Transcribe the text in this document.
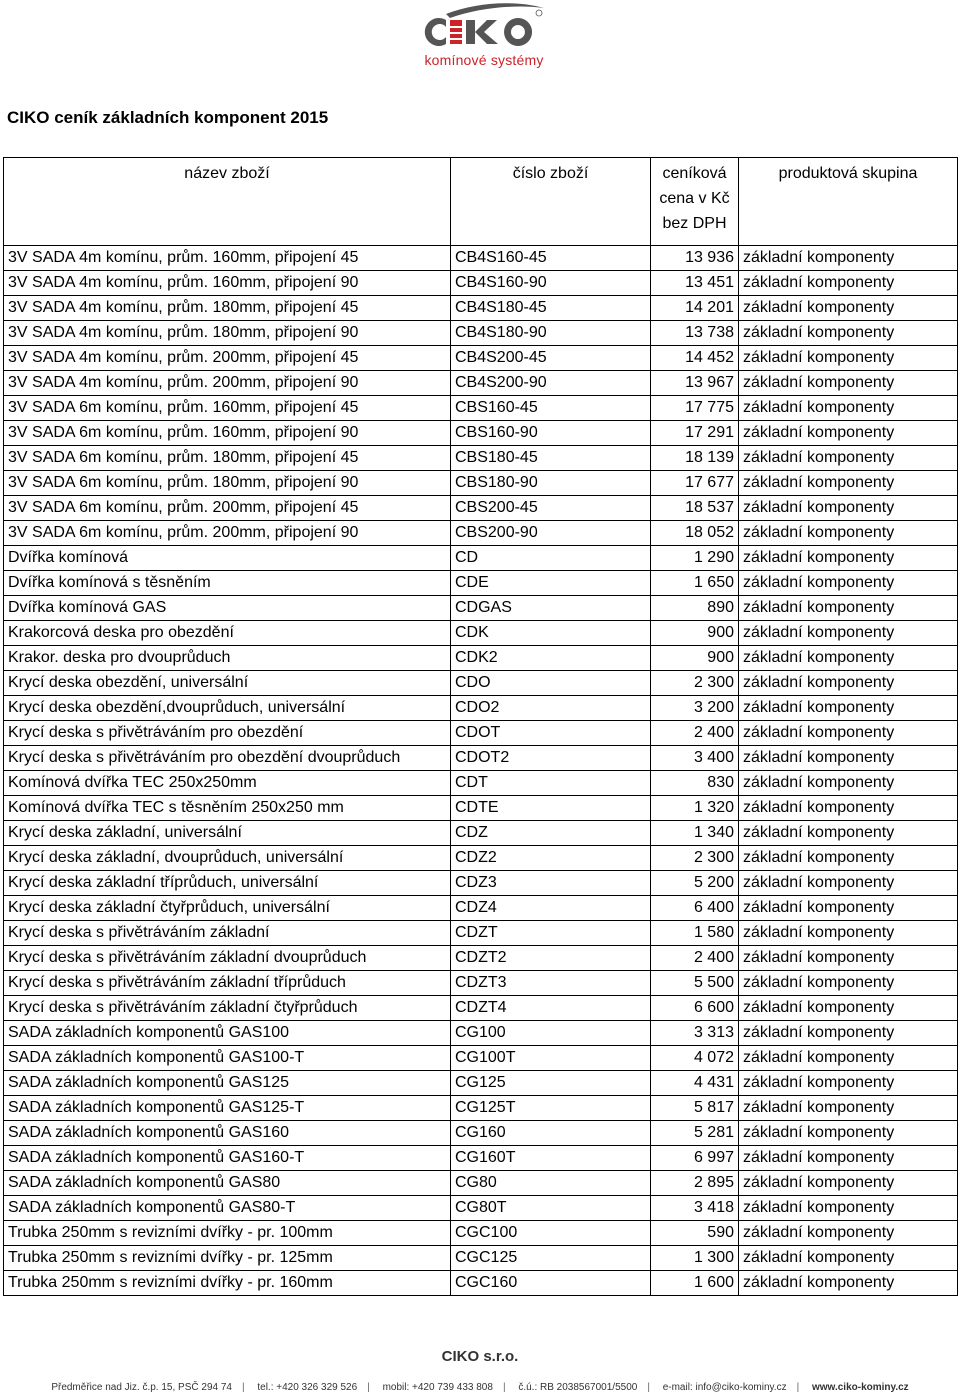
komínové systémy
CIKO ceník základních komponent 2015
název zboží	číslo zboží	ceníková cena v Kč bez DPH	produktová skupina
3V SADA 4m komínu, prům. 160mm, připojení 45	CB4S160-45	13 936	základní komponenty
3V SADA 4m komínu, prům. 160mm, připojení 90	CB4S160-90	13 451	základní komponenty
3V SADA 4m komínu, prům. 180mm, připojení 45	CB4S180-45	14 201	základní komponenty
3V SADA 4m komínu, prům. 180mm, připojení 90	CB4S180-90	13 738	základní komponenty
3V SADA 4m komínu, prům. 200mm, připojení 45	CB4S200-45	14 452	základní komponenty
3V SADA 4m komínu, prům. 200mm, připojení 90	CB4S200-90	13 967	základní komponenty
3V SADA 6m komínu, prům. 160mm, připojení 45	CBS160-45	17 775	základní komponenty
3V SADA 6m komínu, prům. 160mm, připojení 90	CBS160-90	17 291	základní komponenty
3V SADA 6m komínu, prům. 180mm, připojení 45	CBS180-45	18 139	základní komponenty
3V SADA 6m komínu, prům. 180mm, připojení 90	CBS180-90	17 677	základní komponenty
3V SADA 6m komínu, prům. 200mm, připojení 45	CBS200-45	18 537	základní komponenty
3V SADA 6m komínu, prům. 200mm, připojení 90	CBS200-90	18 052	základní komponenty
Dvířka komínová	CD	1 290	základní komponenty
Dvířka komínová s těsněním	CDE	1 650	základní komponenty
Dvířka komínová GAS	CDGAS	890	základní komponenty
Krakorcová deska pro obezdění	CDK	900	základní komponenty
Krakor. deska pro dvouprůduch	CDK2	900	základní komponenty
Krycí deska obezdění, universální	CDO	2 300	základní komponenty
Krycí deska obezdění,dvouprůduch, universální	CDO2	3 200	základní komponenty
Krycí deska s přivětráváním pro obezdění	CDOT	2 400	základní komponenty
Krycí deska s přivětráváním pro obezdění dvouprůduch	CDOT2	3 400	základní komponenty
Komínová dvířka TEC 250x250mm	CDT	830	základní komponenty
Komínová dvířka TEC s těsněním 250x250 mm	CDTE	1 320	základní komponenty
Krycí deska základní, universální	CDZ	1 340	základní komponenty
Krycí deska základní, dvouprůduch, universální	CDZ2	2 300	základní komponenty
Krycí deska základní tříprůduch, universální	CDZ3	5 200	základní komponenty
Krycí deska základní čtyřprůduch, universální	CDZ4	6 400	základní komponenty
Krycí deska s přivětráváním základní	CDZT	1 580	základní komponenty
Krycí deska s přivětráváním základní dvouprůduch	CDZT2	2 400	základní komponenty
Krycí deska s přivětráváním základní tříprůduch	CDZT3	5 500	základní komponenty
Krycí deska s přivětráváním základní čtyřprůduch	CDZT4	6 600	základní komponenty
SADA základních komponentů GAS100	CG100	3 313	základní komponenty
SADA základních komponentů GAS100-T	CG100T	4 072	základní komponenty
SADA základních komponentů GAS125	CG125	4 431	základní komponenty
SADA základních komponentů GAS125-T	CG125T	5 817	základní komponenty
SADA základních komponentů GAS160	CG160	5 281	základní komponenty
SADA základních komponentů GAS160-T	CG160T	6 997	základní komponenty
SADA základních komponentů GAS80	CG80	2 895	základní komponenty
SADA základních komponentů GAS80-T	CG80T	3 418	základní komponenty
Trubka 250mm s revizními dvířky - pr. 100mm	CGC100	590	základní komponenty
Trubka 250mm s revizními dvířky - pr. 125mm	CGC125	1 300	základní komponenty
Trubka 250mm s revizními dvířky - pr. 160mm	CGC160	1 600	základní komponenty
CIKO s.r.o.
Předměřice nad Jiz. č.p. 15, PSČ 294 74 | tel.: +420 326 329 526 | mobil: +420 739 433 808 | č.ú.: RB 2038567001/5500 | e-mail: info@ciko-kominy.cz | www.ciko-kominy.cz
